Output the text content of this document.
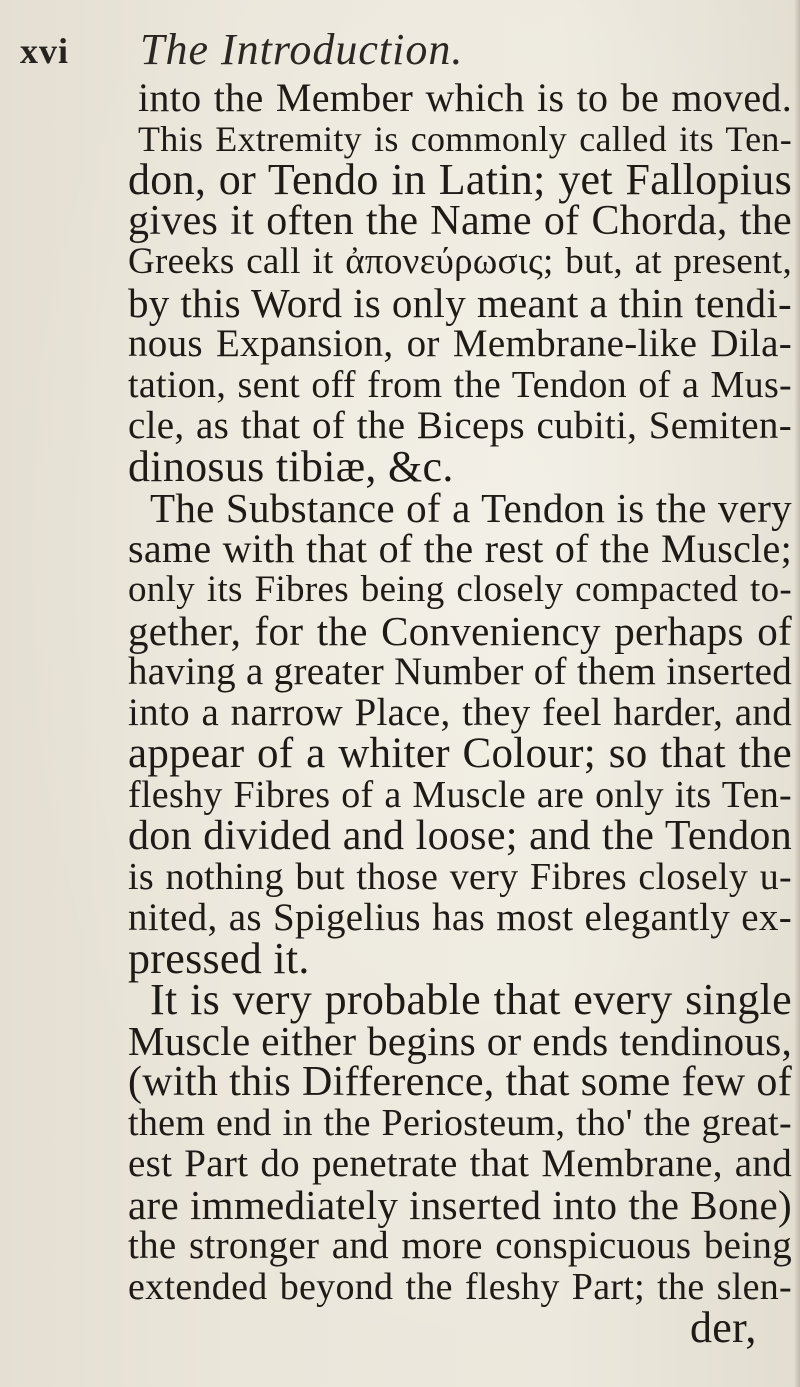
xvi The Introduction.
into the Member which is to be moved.
This Extremity is commonly called its Ten-
don, or Tendo in Latin; yet Fallopius
gives it often the Name of Chorda, the
Greeks call it ἀπονεύρωσις; but, at present,
by this Word is only meant a thin tendi-
nous Expansion, or Membrane-like Dila-
tation, sent off from the Tendon of a Mus-
cle, as that of the Biceps cubiti, Semiten-
dinosus tibiæ, &c.
The Substance of a Tendon is the very
same with that of the rest of the Muscle;
only its Fibres being closely compacted to-
gether, for the Conveniency perhaps of
having a greater Number of them inserted
into a narrow Place, they feel harder, and
appear of a whiter Colour; so that the
fleshy Fibres of a Muscle are only its Ten-
don divided and loose; and the Tendon
is nothing but those very Fibres closely u-
nited, as Spigelius has most elegantly ex-
pressed it.
It is very probable that every single
Muscle either begins or ends tendinous,
(with this Difference, that some few of
them end in the Periosteum, tho' the great-
est Part do penetrate that Membrane, and
are immediately inserted into the Bone)
the stronger and more conspicuous being
extended beyond the fleshy Part; the slen-
der,
